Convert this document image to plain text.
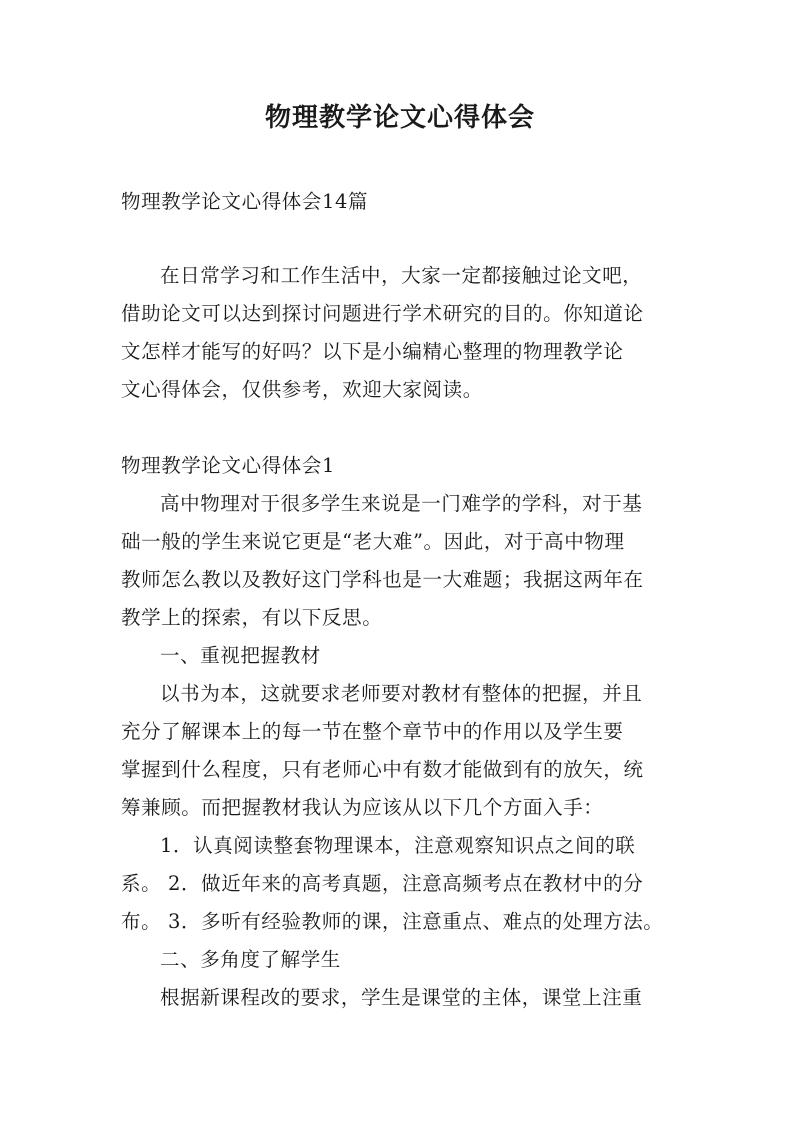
物理教学论文心得体会
物理教学论文心得体会14篇
在日常学习和工作生活中，大家一定都接触过论文吧，
借助论文可以达到探讨问题进行学术研究的目的。你知道论
文怎样才能写的好吗？以下是小编精心整理的物理教学论
文心得体会，仅供参考，欢迎大家阅读。
物理教学论文心得体会1
高中物理对于很多学生来说是一门难学的学科，对于基
础一般的学生来说它更是“老大难”。因此，对于高中物理
教师怎么教以及教好这门学科也是一大难题；我据这两年在
教学上的探索，有以下反思。
一、重视把握教材
以书为本，这就要求老师要对教材有整体的把握，并且
充分了解课本上的每一节在整个章节中的作用以及学生要
掌握到什么程度，只有老师心中有数才能做到有的放矢，统
筹兼顾。而把握教材我认为应该从以下几个方面入手：
1．认真阅读整套物理课本，注意观察知识点之间的联
系。 2．做近年来的高考真题，注意高频考点在教材中的分
布。 3．多听有经验教师的课，注意重点、难点的处理方法。
二、多角度了解学生
根据新课程改的要求，学生是课堂的主体，课堂上注重
